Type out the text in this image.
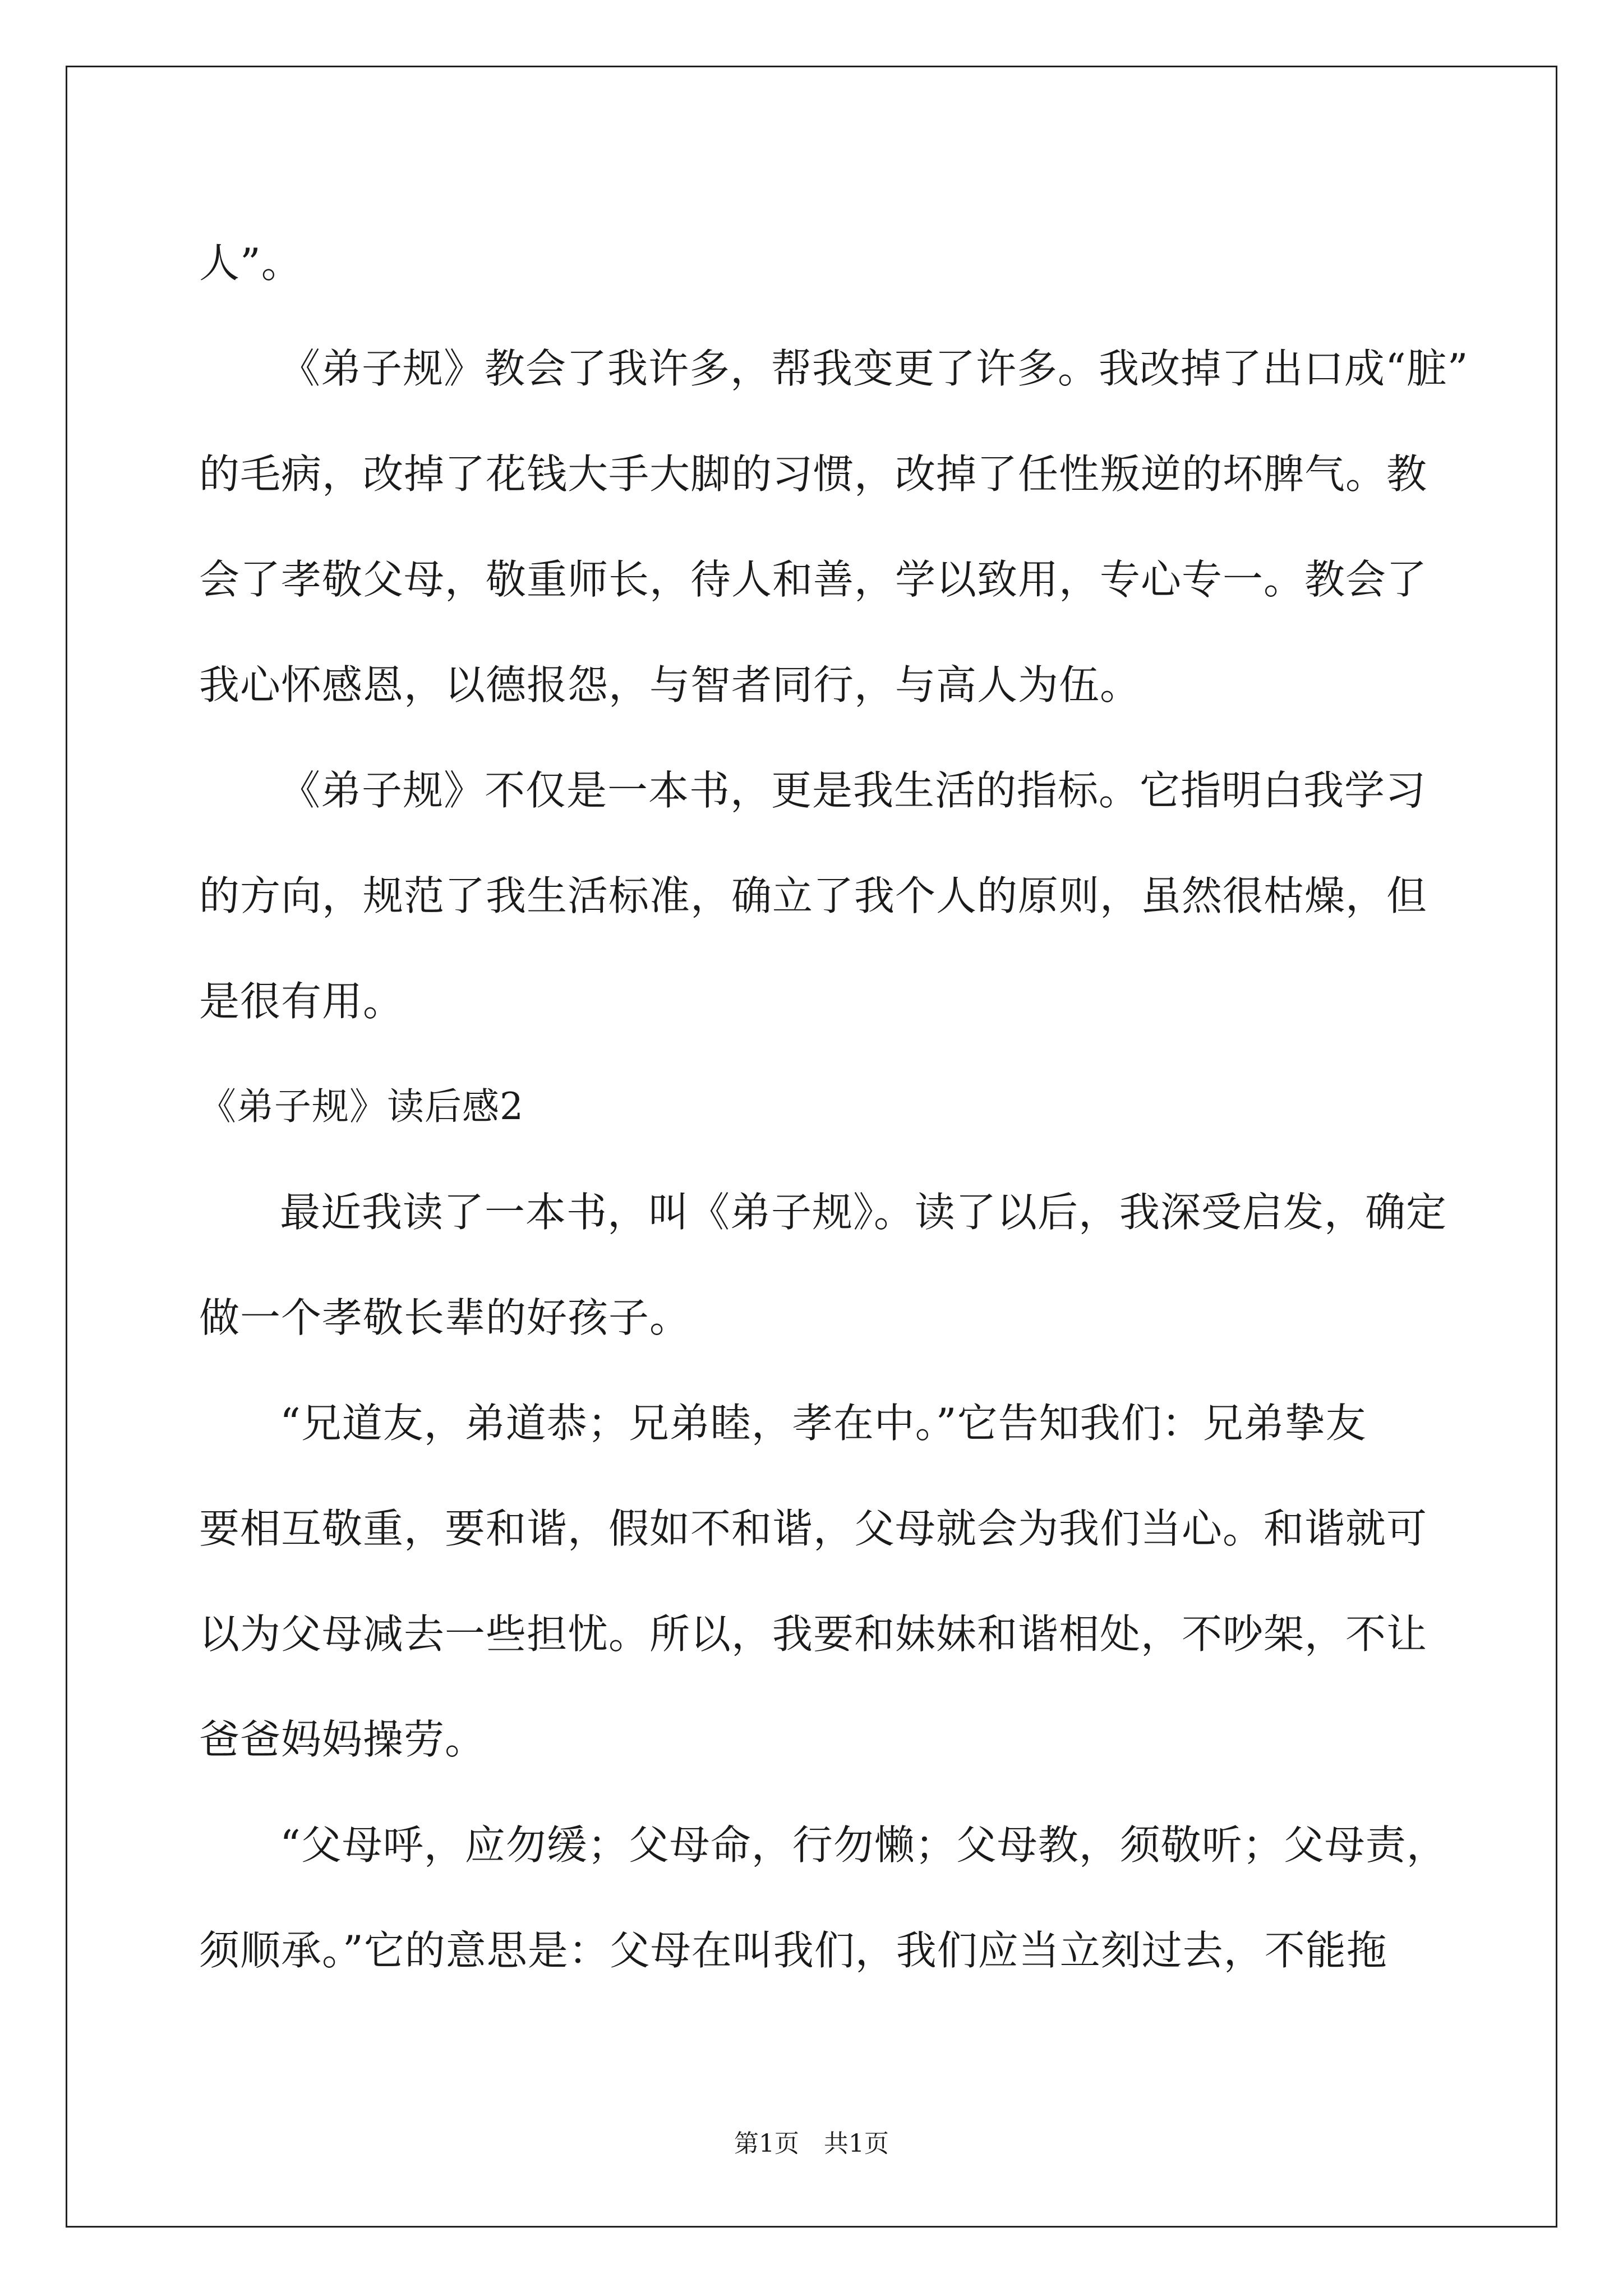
人”。
《弟子规》教会了我许多，帮我变更了许多。我改掉了出口成“脏”
的毛病，改掉了花钱大手大脚的习惯，改掉了任性叛逆的坏脾气。教
会了孝敬父母，敬重师长，待人和善，学以致用，专心专一。教会了
我心怀感恩，以德报怨，与智者同行，与高人为伍。
《弟子规》不仅是一本书，更是我生活的指标。它指明白我学习
的方向，规范了我生活标准，确立了我个人的原则，虽然很枯燥，但
是很有用。
《弟子规》读后感2
最近我读了一本书，叫《弟子规》。读了以后，我深受启发，确定
做一个孝敬长辈的好孩子。
“兄道友，弟道恭；兄弟睦，孝在中。”它告知我们：兄弟挚友
要相互敬重，要和谐，假如不和谐，父母就会为我们当心。和谐就可
以为父母减去一些担忧。所以，我要和妹妹和谐相处，不吵架，不让
爸爸妈妈操劳。
“父母呼，应勿缓；父母命，行勿懒；父母教，须敬听；父母责，
须顺承。”它的意思是：父母在叫我们，我们应当立刻过去，不能拖
第1页 共1页
